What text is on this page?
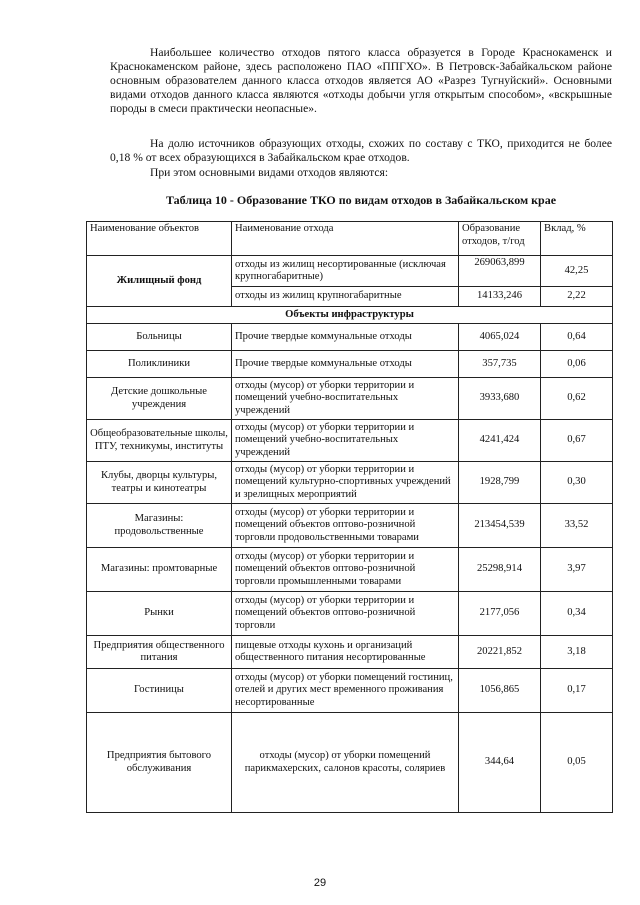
Наибольшее количество отходов пятого класса образуется в Городе Краснокаменск и Краснокаменском районе, здесь расположено ПАО «ППГХО». В Петровск-Забайкальском районе основным образователем данного класса отходов является АО «Разрез Тугнуйский». Основными видами отходов данного класса являются «отходы добычи угля открытым способом», «вскрышные породы в смеси практически неопасные».

На долю источников образующих отходы, схожих по составу с ТКО, приходится не более 0,18 % от всех образующихся в Забайкальском крае отходов.

При этом основными видами отходов являются:

Таблица 10 - Образование ТКО по видам отходов в Забайкальском крае

Наименование объектов	Наименование отхода	Образование отходов, т/год	Вклад, %
Жилищный фонд	отходы из жилищ несортированные (исключая крупногабаритные)	269063,899	42,25
	отходы из жилищ крупногабаритные	14133,246	2,22
Объекты инфраструктуры			
Больницы	Прочие твердые коммунальные отходы	4065,024	0,64
Поликлиники	Прочие твердые коммунальные отходы	357,735	0,06
Детские дошкольные учреждения	отходы (мусор) от уборки территории и помещений учебно-воспитательных учреждений	3933,680	0,62
Общеобразовательные школы, ПТУ, техникумы, институты	отходы (мусор) от уборки территории и помещений учебно-воспитательных учреждений	4241,424	0,67
Клубы, дворцы культуры, театры и кинотеатры	отходы (мусор) от уборки территории и помещений культурно-спортивных учреждений и зрелищных мероприятий	1928,799	0,30
Магазины: продовольственные	отходы (мусор) от уборки территории и помещений объектов оптово-розничной торговли продовольственными товарами	213454,539	33,52
Магазины: промтоварные	отходы (мусор) от уборки территории и помещений объектов оптово-розничной торговли промышленными товарами	25298,914	3,97
Рынки	отходы (мусор) от уборки территории и помещений объектов оптово-розничной торговли	2177,056	0,34
Предприятия общественного питания	пищевые отходы кухонь и организаций общественного питания несортированные	20221,852	3,18
Гостиницы	отходы (мусор) от уборки помещений гостиниц, отелей и других мест временного проживания несортированные	1056,865	0,17
Предприятия бытового обслуживания	отходы (мусор) от уборки помещений парикмахерских, салонов красоты, соляриев	344,64	0,05

29
